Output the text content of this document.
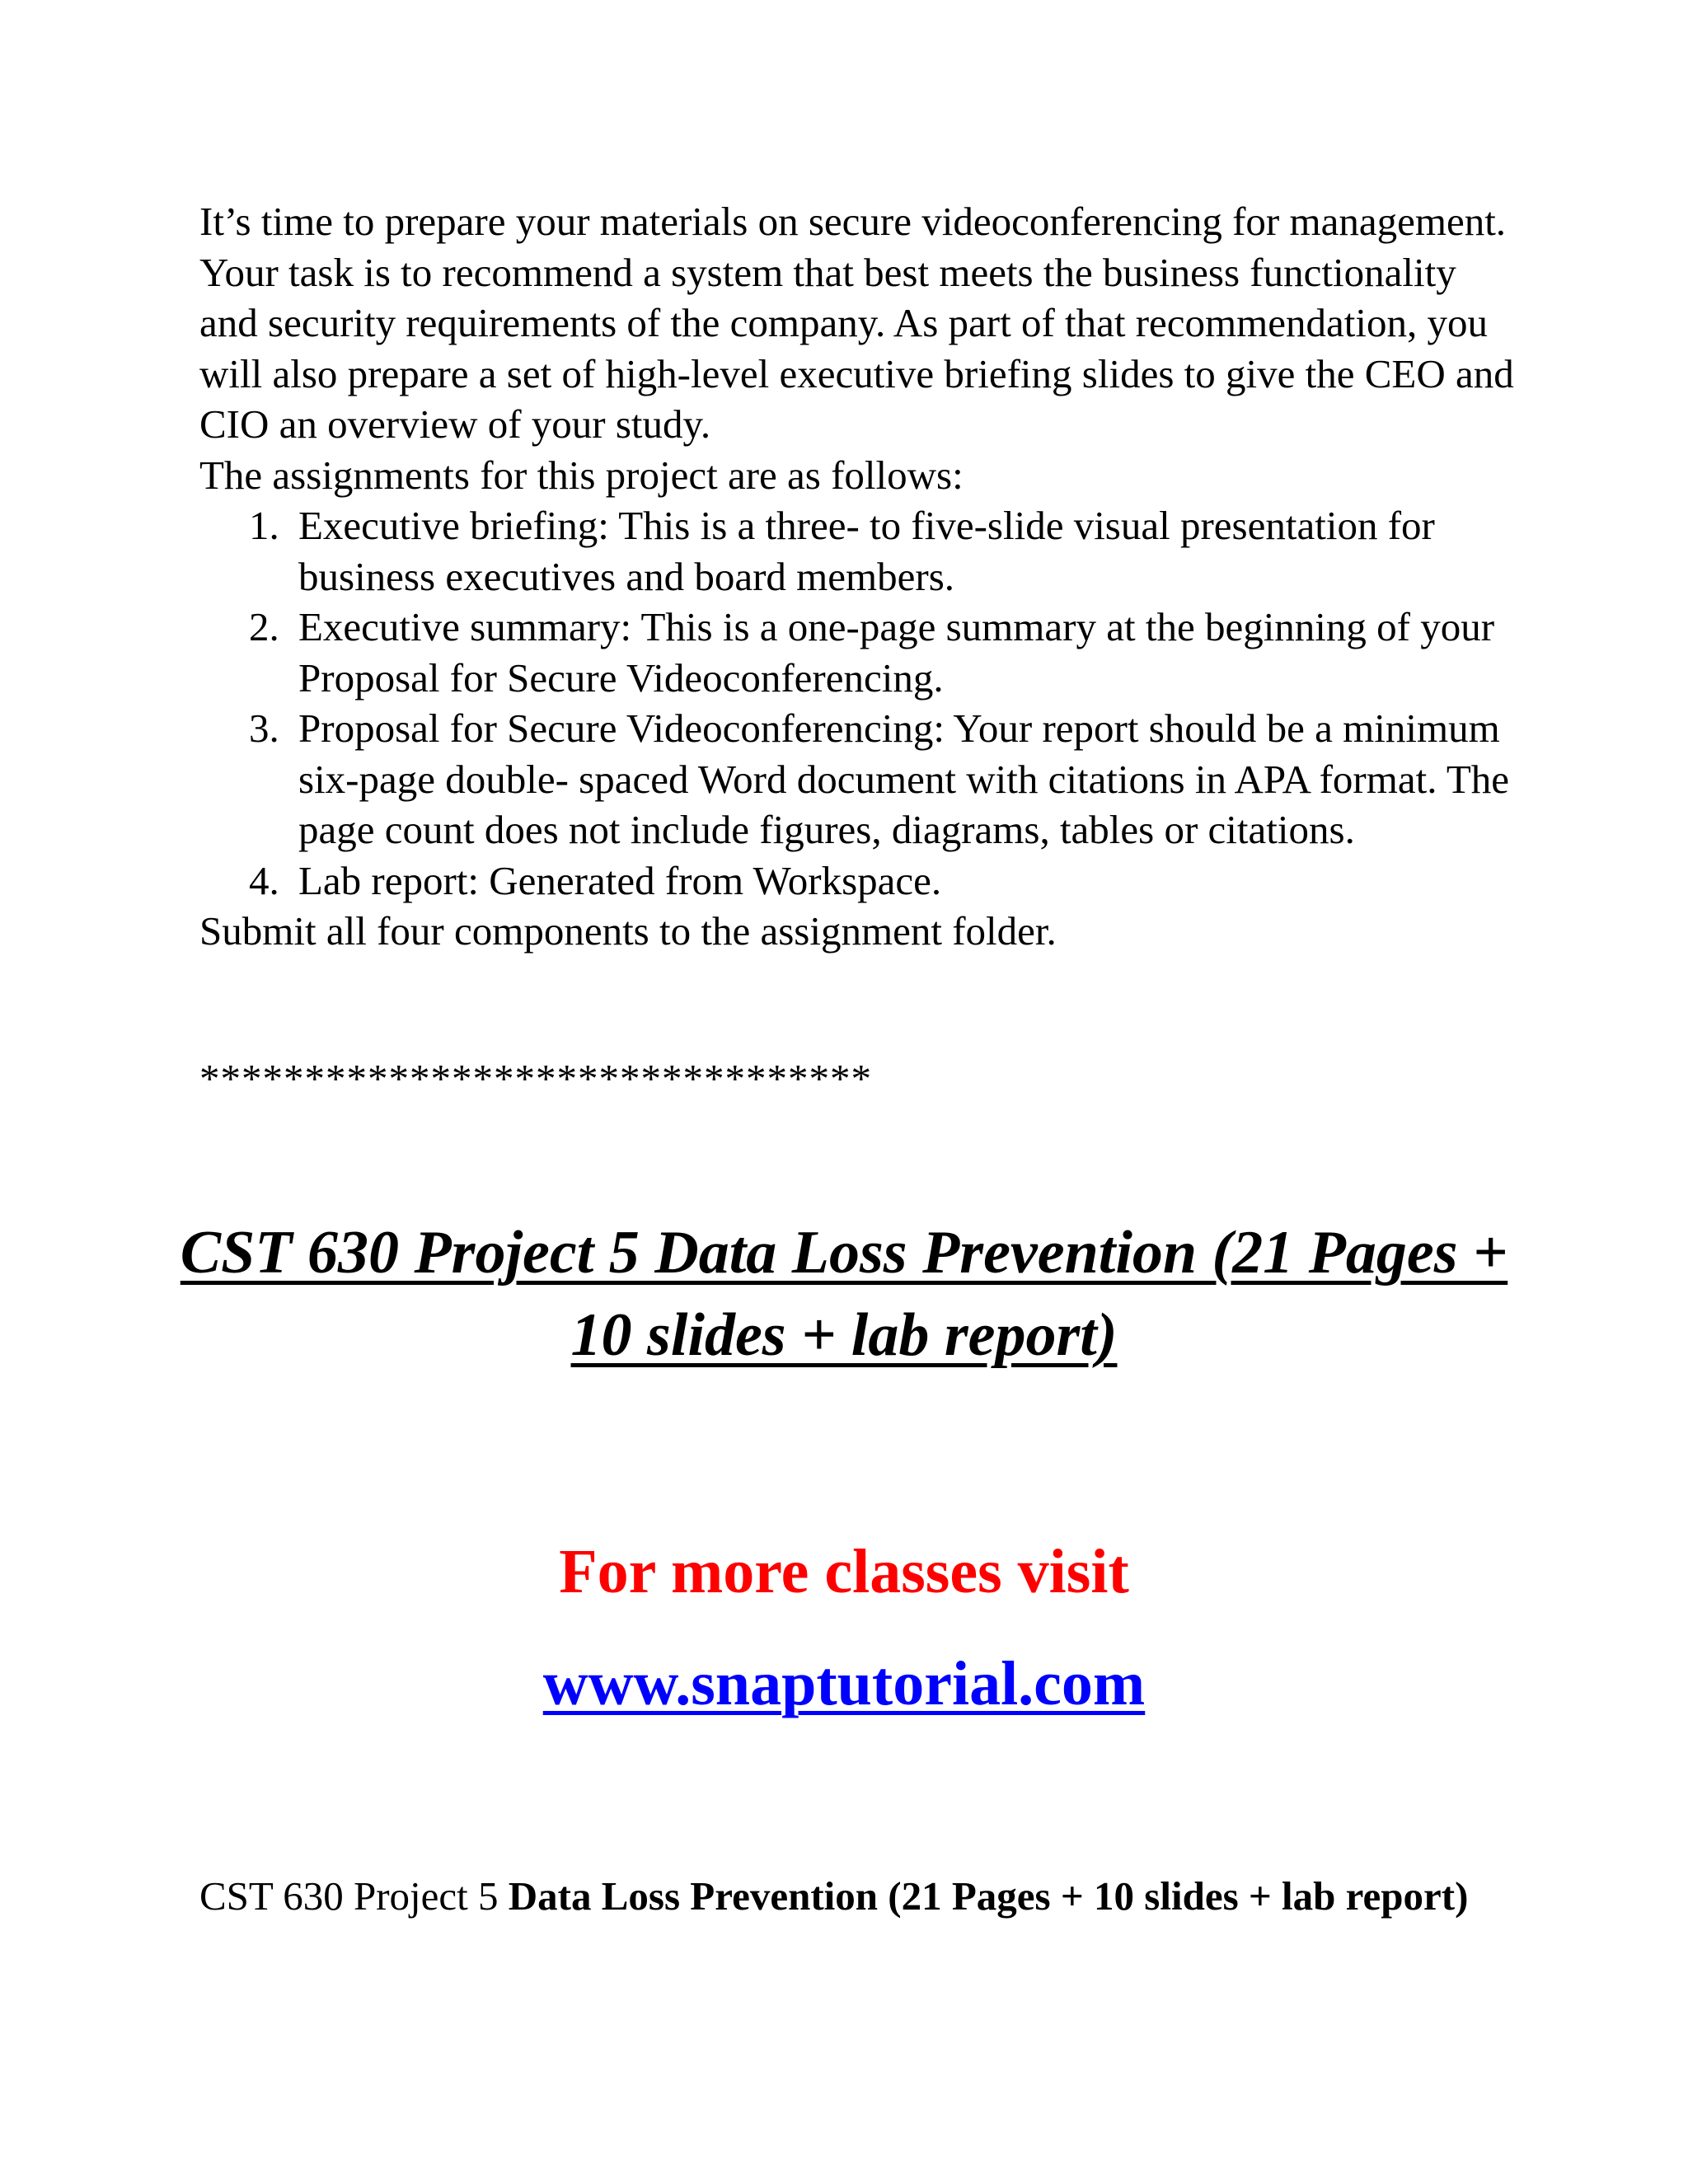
It’s time to prepare your materials on secure videoconferencing for management. Your task is to recommend a system that best meets the business functionality and security requirements of the company. As part of that recommendation, you will also prepare a set of high-level executive briefing slides to give the CEO and CIO an overview of your study.
The assignments for this project are as follows:

1. Executive briefing: This is a three- to five-slide visual presentation for business executives and board members.
2. Executive summary: This is a one-page summary at the beginning of your Proposal for Secure Videoconferencing.
3. Proposal for Secure Videoconferencing: Your report should be a minimum six-page double- spaced Word document with citations in APA format. The page count does not include figures, diagrams, tables or citations.
4. Lab report: Generated from Workspace.
Submit all four components to the assignment folder.
********************************
CST 630 Project 5 Data Loss Prevention (21 Pages + 10 slides + lab report)

For more classes visit

www.snaptutorial.com

CST 630 Project 5 Data Loss Prevention (21 Pages + 10 slides + lab report)
